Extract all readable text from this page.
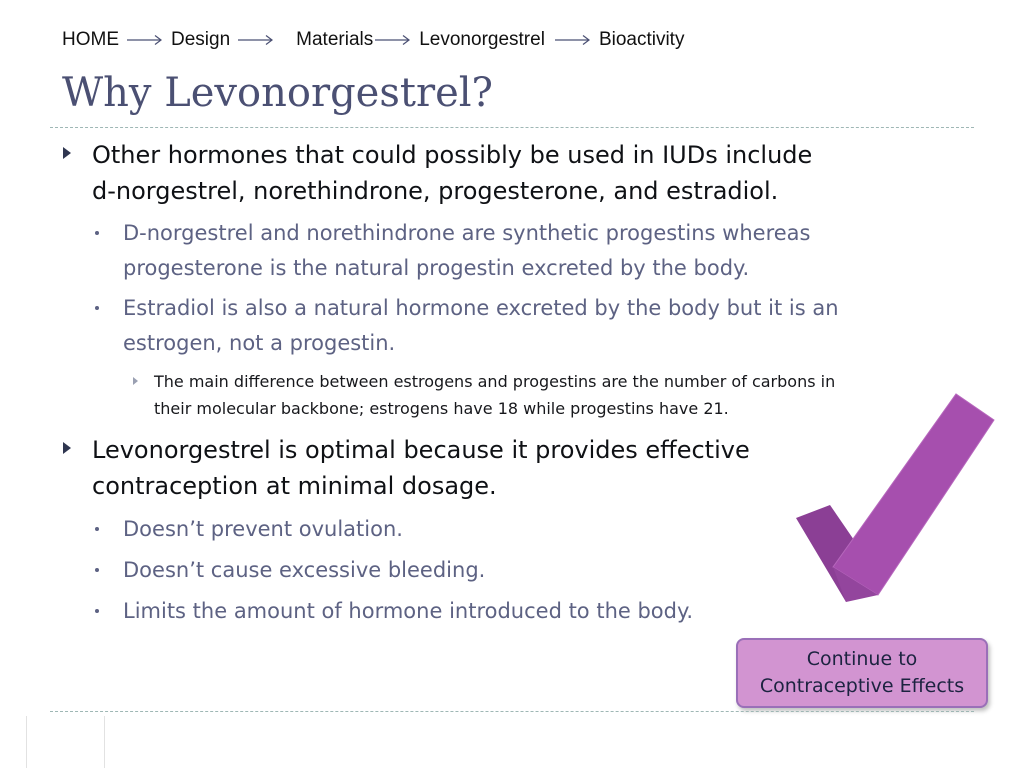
HOME	Design	Materials Levonorgestrel	Bioactivity
Why Levonorgestrel?
Other hormones that could possibly be used in IUDs include
d-norgestrel, norethindrone, progesterone, and estradiol.
D-norgestrel and norethindrone are synthetic progestins whereas
progesterone is the natural progestin excreted by the body.
Estradiol is also a natural hormone excreted by the body but it is an
estrogen, not a progestin.
The main difference between estrogens and progestins are the number of carbons in
their molecular backbone; estrogens have 18 while progestins have 21.
Levonorgestrel is optimal because it provides effective
contraception at minimal dosage.
Doesn’t prevent ovulation.
Doesn’t cause excessive bleeding.
Limits the amount of hormone introduced to the body.
Continue to
Contraceptive Effects
